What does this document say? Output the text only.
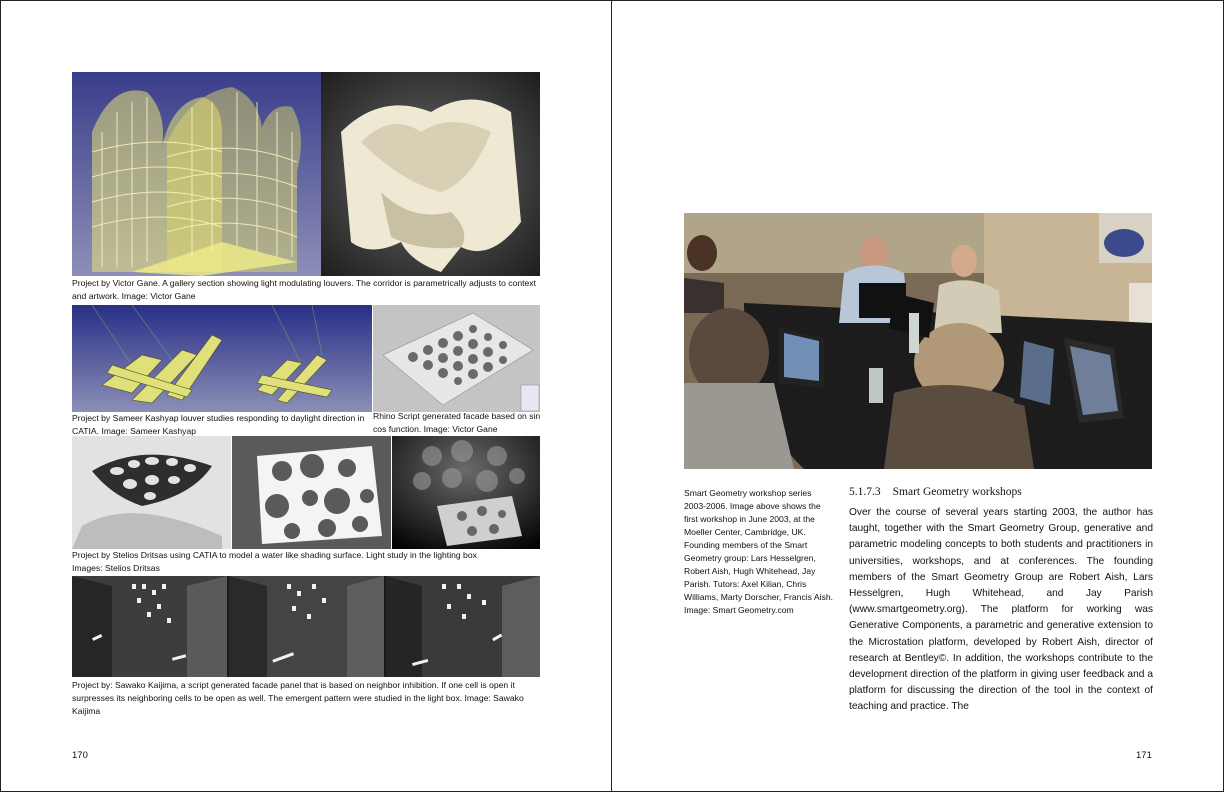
Project by Victor Gane. A gallery section showing light modulating louvers. The corridor is parametrically adjusts to context and artwork. Image: Victor Gane
Project by Sameer Kashyap louver studies responding to daylight direction in CATIA. Image: Sameer Kashyap
Rhino Script generated facade based on sin cos function. Image: Victor Gane
Project by Stelios Dritsas using CATIA to model a water like shading surface. Light study in the lighting box Images: Stelios Dritsas
Project by: Sawako Kaijima, a script generated facade panel that is based on neighbor inhibition. If one cell is open it surpresses its neighboring cells to be open as well. The emergent pattern were studied in the light box. Image: Sawako Kaijima
170
Smart Geometry workshop series 2003-2006. Image above shows the first workshop in June 2003, at the Moeller Center, Cambridge, UK. Founding members of the Smart Geometry group: Lars Hesselgren, Robert Aish, Hugh Whitehead, Jay Parish. Tutors: Axel Kilian, Chris Williams, Marty Dorscher, Francis Aish. Image: Smart Geometry.com
5.1.7.3 Smart Geometry workshops
Over the course of several years starting 2003, the author has taught, together with the Smart Geometry Group, generative and parametric modeling concepts to both students and practitioners in universities, workshops, and at conferences. The founding members of the Smart Geometry Group are Robert Aish, Lars Hesselgren, Hugh Whitehead, and Jay Parish (www.smartgeometry.org). The platform for working was Generative Components, a parametric and generative extension to the Microstation platform, developed by Robert Aish, director of research at Bentley©. In addition, the workshops contribute to the development direction of the platform in giving user feedback and a platform for discussing the direction of the tool in the context of teaching and practice. The
171
